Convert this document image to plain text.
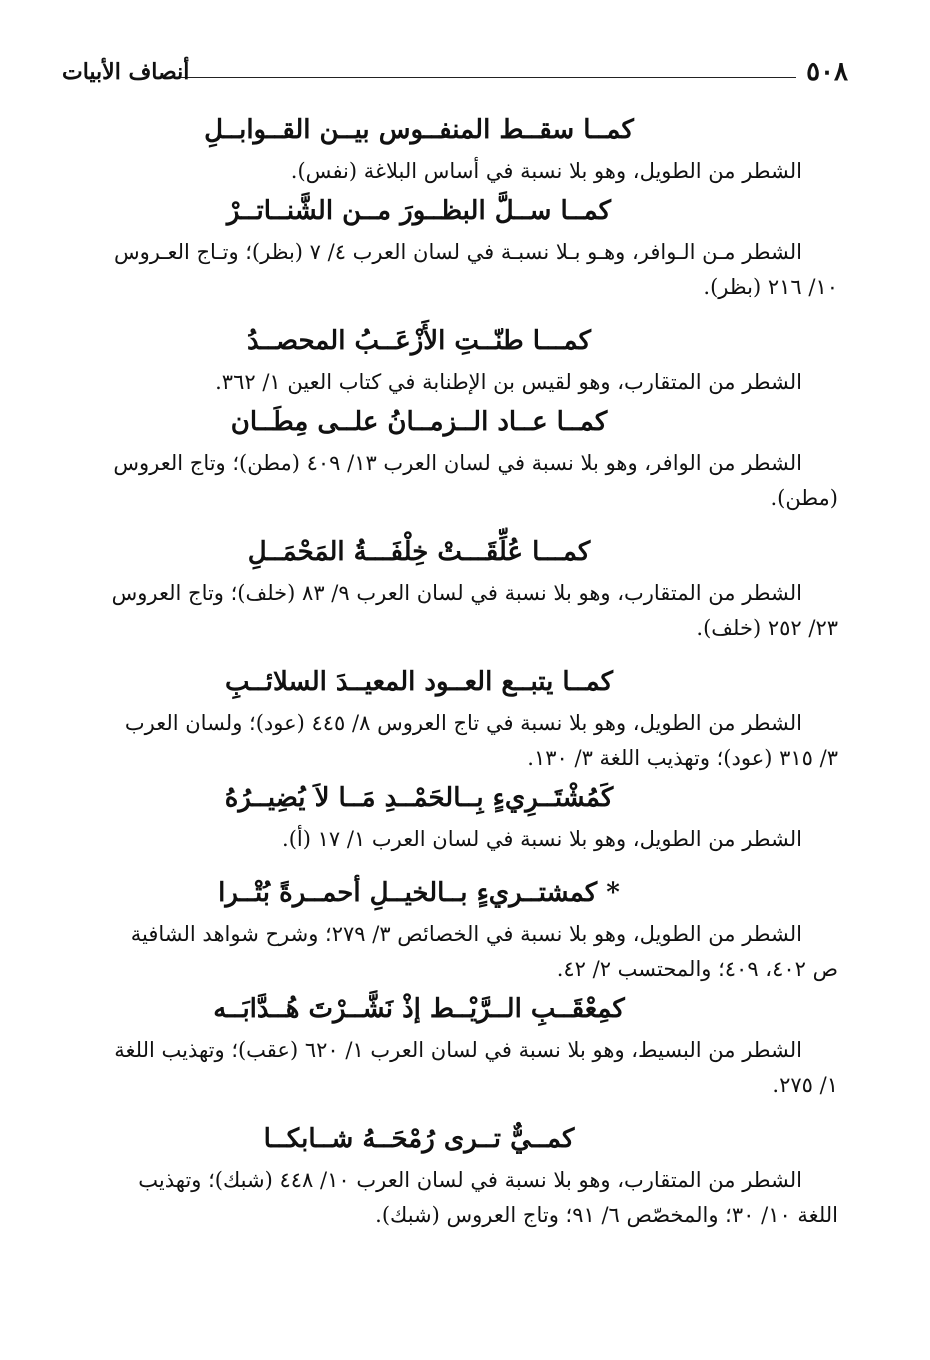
٥٠٨
أنصاف الأبيات

كمــا سقــط المنفــوس بيــن القــوابــلِ

الشطر من الطويل، وهو بلا نسبة في أساس البلاغة (نفس).

كمــا ســلَّ البظــورَ مــن الشَّنــاتــرْ

الشطر مـن الـوافر، وهـو بـلا نسبـة في لسان العرب ٤/ ٧ (بظر)؛ وتـاج العـروس
١٠/ ٢١٦ (بظر).

كمـــا طنّــتِ الأَزْعَــبُ المحصــدُ

الشطر من المتقارب، وهو لقيس بن الإطنابة في كتاب العين ١/ ٣٦٢.

كمــا عــاد الــزمــانُ علــى مِطَــان

الشطر من الوافر، وهو بلا نسبة في لسان العرب ١٣/ ٤٠٩ (مطن)؛ وتاج العروس
(مطن).

كمـــا عُلِّقَـــتْ خِلْفَـــةُ المَحْمَــلِ

الشطر من المتقارب، وهو بلا نسبة في لسان العرب ٩/ ٨٣ (خلف)؛ وتاج العروس
٢٣/ ٢٥٢ (خلف).

كمــا يتبــع العــود المعيــدَ السلائــبِ

الشطر من الطويل، وهو بلا نسبة في تاج العروس ٨/ ٤٤٥ (عود)؛ ولسان العرب
٣/ ٣١٥ (عود)؛ وتهذيب اللغة ٣/ ١٣٠.

كَمُشْتَــرِيءٍ بِــالحَمْــدِ مَــا لاَ يُضِيــرُهُ

الشطر من الطويل، وهو بلا نسبة في لسان العرب ١/ ١٧ (أ).

* كمشتــريءٍ بــالخيــلِ أحمــرةً بُتْــرا

الشطر من الطويل، وهو بلا نسبة في الخصائص ٣/ ٢٧٩؛ وشرح شواهد الشافية
ص ٤٠٢، ٤٠٩؛ والمحتسب ٢/ ٤٢.

كمِعْقَــبِ الــرَّيْــط إذْ نَشَّــرْتَ هُــدَّابَــه

الشطر من البسيط، وهو بلا نسبة في لسان العرب ١/ ٦٢٠ (عقب)؛ وتهذيب اللغة
١/ ٢٧٥.

كمــيٌّ تــرى رُمْحَــهُ شــابكــا

الشطر من المتقارب، وهو بلا نسبة في لسان العرب ١٠/ ٤٤٨ (شبك)؛ وتهذيب
اللغة ١٠/ ٣٠؛ والمخصّص ٦/ ٩١؛ وتاج العروس (شبك).
